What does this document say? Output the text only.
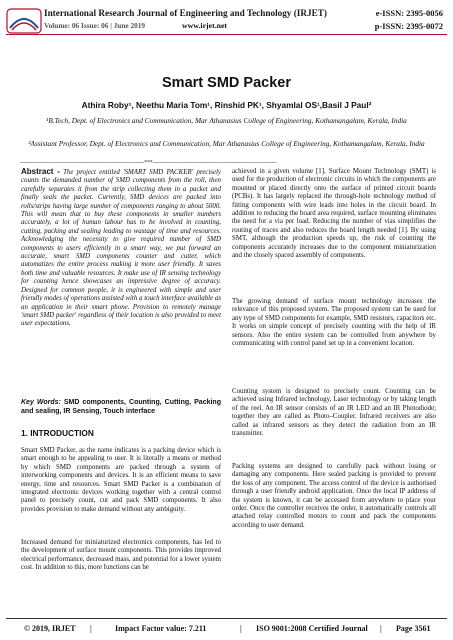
International Research Journal of Engineering and Technology (IRJET)	e-ISSN: 2395-0056
Volume: 06 Issue: 06 | June 2019	www.irjet.net	p-ISSN: 2395-0072
Smart SMD Packer
Athira Roby¹, Neethu Maria Tom¹, Rinshid PK¹, Shyamlal OS¹,Basil J Paul²
¹B.Tech, Dept. of Electronics and Communication, Mar Athanasius College of Engineering, Kothamangalam, Kerala, India
²Assistant Professor, Dept. of Electronics and Communication, Mar Athanasius College of Engineering, Kothamangalam, Kerala, India
---------------------------------------------------------------------***---------------------------------------------------------------------
Abstract - The project entitled 'SMART SMD PACKER' precisely counts the demanded number of SMD components from the roll, then carefully separates it from the strip collecting them in a packet and finally seals the packet. Currently, SMD devices are packed into rolls/strips having large number of components ranging to about 5000. This will mean that to buy these components in smaller numbers accurately, a lot of human labour has to be involved in counting, cutting, packing and sealing leading to wastage of time and resources. Acknowledging the necessity to give required number of SMD components to users efficiently in a smart way, we put forward an accurate, smart SMD components counter and cutter, which automatizes the entire process making it more user friendly. It saves both time and valuable resources. It make use of IR sensing technology for counting hence showcases an impressive degree of accuracy. Designed for common people, it is engineered with simple and user friendly modes of operations assisted with a touch interface available as an application in their smart phone. Provision to remotely manage 'smart SMD packer' regardless of their location is also provided to meet user expectations.
Key Words: SMD components, Counting, Cutting, Packing and sealing, IR Sensing, Touch interface
1. INTRODUCTION
Smart SMD Packer, as the name indicates is a packing device which is smart enough to be appealing to user. It is literally a means or method by which SMD components are packed through a system of interworking components and devices. It is an efficient means to save energy, time and resources. Smart SMD Packer is a combination of integrated electronic devices working together with a central control panel to precisely count, cut and pack SMD components. It also provides provision to make demand without any ambiguity.
Increased demand for miniaturized electronics components, has led to the development of surface mount components. This provides improved electrical performance, decreased mass, and potential for a lower system cost. In addition to this, more functions can be
achieved in a given volume [1]. Surface Mount Technology (SMT) is used for the production of electronic circuits in which the components are mounted or placed directly onto the surface of printed circuit boards (PCBs). It has largely replaced the through-hole technology method of fitting components with wire leads into holes in the circuit board. In addition to reducing the board area required, surface mounting eliminates the need for a via per load. Reducing the number of vias simplifies the routing of traces and also reduces the board length needed [1]. By using SMT, although the production speeds up, the risk of counting the components accurately increases due to the component miniaturization and the closely spaced assembly of components.
The growing demand of surface mount technology increases the relevance of this proposed system. The proposed system can be used for any type of SMD components for example, SMD resistors, capacitors etc. It works on simple concept of precisely counting with the help of IR sensors. Also the entire system can be controlled from anywhere by communicating with control panel set up in a convenient location.
Counting system is designed to precisely count. Counting can be achieved using Infrared technology, Laser technology or by taking length of the reel. An IR sensor consists of an IR LED and an IR Photodiode; together they are called as Photo–Coupler. Infrared receivers are also called as infrared sensors as they detect the radiation from an IR transmitter.
Packing systems are designed to carefully pack without losing or damaging any components. Here sealed packing is provided to prevent the loss of any component. The access control of the device is authorised through a user friendly android application. Once the local IP address of the system is known, it can be accessed from anywhere to place your order. Once the controller receives the order, it automatically controls all attached relay controlled motors to count and pack the components according to user demand.
© 2019, IRJET |	Impact Factor value: 7.211	| ISO 9001:2008 Certified Journal | Page 3561
